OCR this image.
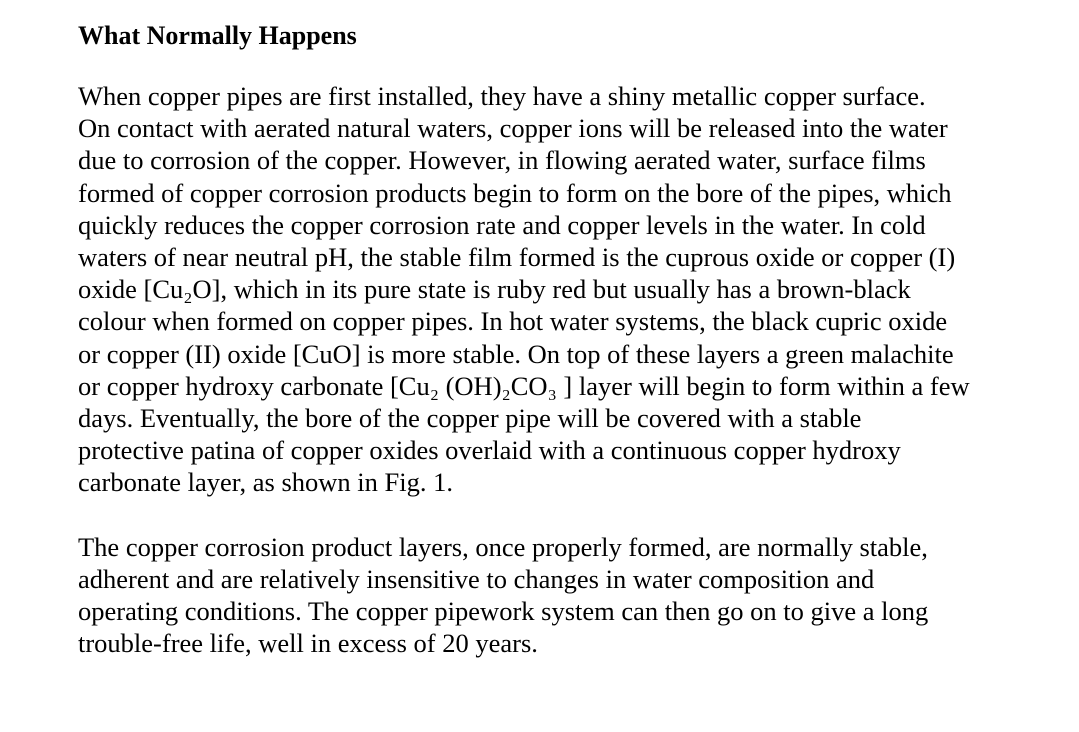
What Normally Happens

When copper pipes are first installed, they have a shiny metallic copper surface.
On contact with aerated natural waters, copper ions will be released into the water
due to corrosion of the copper. However, in flowing aerated water, surface films
formed of copper corrosion products begin to form on the bore of the pipes, which
quickly reduces the copper corrosion rate and copper levels in the water. In cold
waters of near neutral pH, the stable film formed is the cuprous oxide or copper (I)
oxide [Cu₂O], which in its pure state is ruby red but usually has a brown-black
colour when formed on copper pipes. In hot water systems, the black cupric oxide
or copper (II) oxide [CuO] is more stable. On top of these layers a green malachite
or copper hydroxy carbonate [Cu₂ (OH)₂CO₃ ] layer will begin to form within a few
days. Eventually, the bore of the copper pipe will be covered with a stable
protective patina of copper oxides overlaid with a continuous copper hydroxy
carbonate layer, as shown in Fig. 1.

The copper corrosion product layers, once properly formed, are normally stable,
adherent and are relatively insensitive to changes in water composition and
operating conditions. The copper pipework system can then go on to give a long
trouble-free life, well in excess of 20 years.
